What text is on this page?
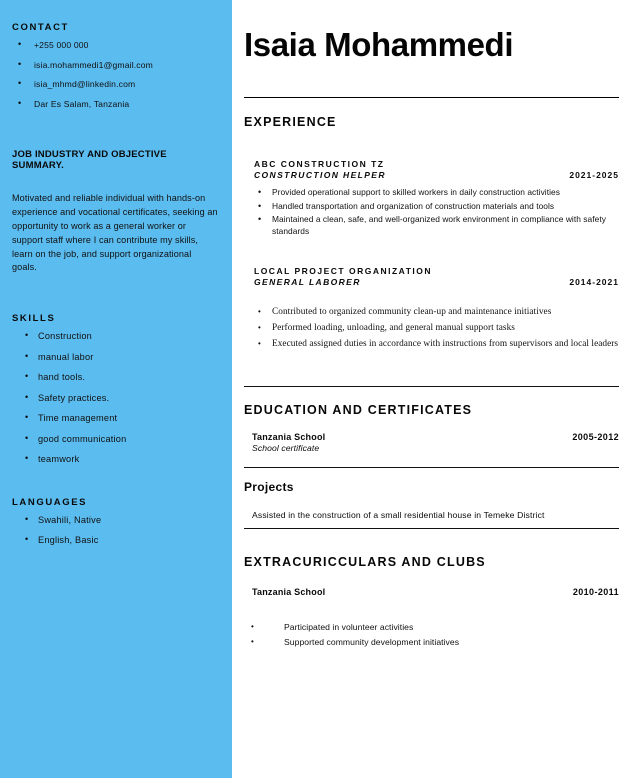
CONTACT
• +255 000 000
• isia.mohammedi1@gmail.com
• isia_mhmd@linkedin.com
• Dar Es Salam, Tanzania
JOB INDUSTRY AND OBJECTIVE SUMMARY.

Motivated and reliable individual with hands-on experience and vocational certificates, seeking an opportunity to work as a general worker or support staff where I can contribute my skills, learn on the job, and support organizational goals.

SKILLS
• Construction
• manual labor
• hand tools.
• Safety practices.
• Time management
• good communication
• teamwork
LANGUAGES
• Swahili, Native
• English, Basic
Isaia Mohammedi
EXPERIENCE

ABC CONSTRUCTION TZ

CONSTRUCTION HELPER	2021-2025
• Provided operational support to skilled workers in daily construction activities
• Handled transportation and organization of construction materials and tools
• Maintained a clean, safe, and well-organized work environment in compliance with safety standards

LOCAL PROJECT ORGANIZATION

GENERAL LABORER	2014-2021
• Contributed to organized community clean-up and maintenance initiatives
• Performed loading, unloading, and general manual support tasks
• Executed assigned duties in accordance with instructions from supervisors and local leaders
EDUCATION AND CERTIFICATES

Tanzania School	2005-2012

School certificate

Projects

Assisted in the construction of a small residential house in Temeke District

EXTRACURICCULARS AND CLUBS

Tanzania School	2010-2011
• Participated in volunteer activities
• Supported community development initiatives
